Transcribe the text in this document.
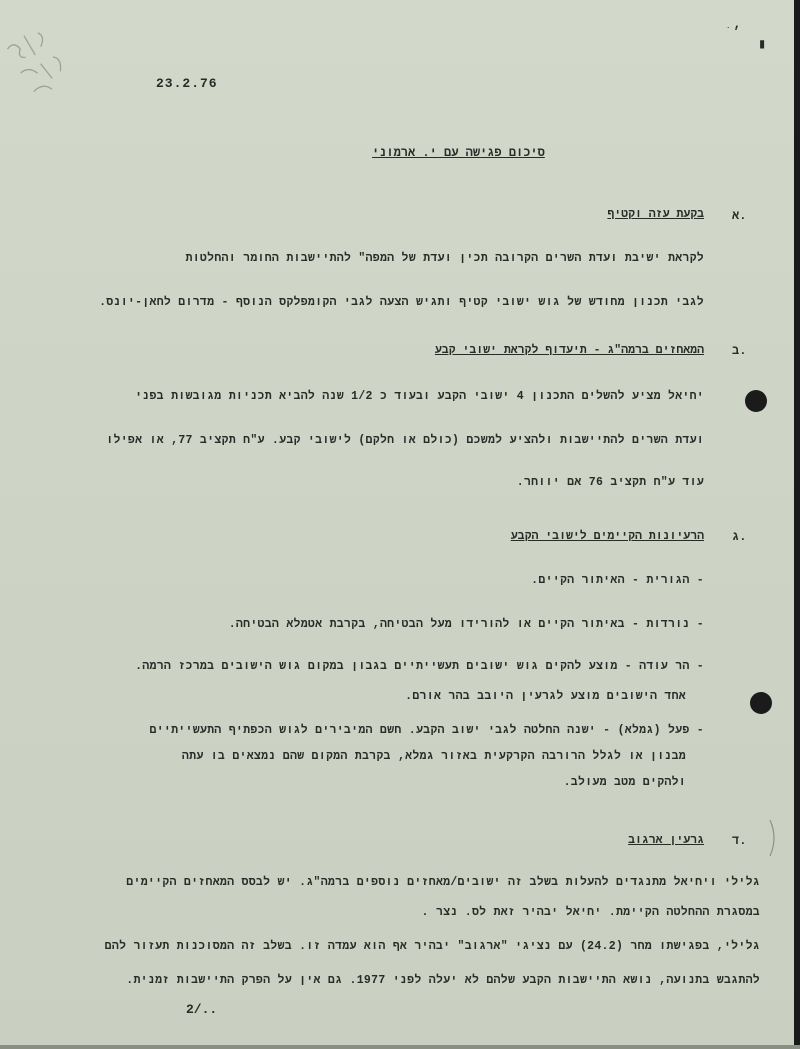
ׁ ׳
▮
23.2.76
סיכום פגישה עם י. ארמוני
א.
בקעת עזה וקטיף
לקראת ישיבת ועדת השרים הקרובה תכין ועדת של המפה" להתיישבות החומר והחלטות
לגבי תכנון מחודש של גוש ישובי קטיף ותגיש הצעה לגבי הקומפלקס הנוסף - מדרום לחאן-יונס.
ב.
המאחזים ברמה"ג - תיעדוף לקראת ישובי קבע
יחיאל מציע להשלים התכנון 4 ישובי הקבע ובעוד כ 1/2 שנה להביא תכניות מגובשות בפני
ועדת השרים להתיישבות ולהציע למשכם (כולם או חלקם) לישובי קבע. ע"ח תקציב 77, או אפילו
עוד ע"ח תקציב 76 אם יווחר.
ג.
הרעיונות הקיימים לישובי הקבע
- הגורית - האיתור הקיים.
- נורדות - באיתור הקיים או להורידו מעל הבטיחה, בקרבת אטמלא הבטיחה.
- הר עודה - מוצע להקים גוש ישובים תעשייתיים בגבון במקום גוש הישובים במרכז הרמה.
אחד הישובים מוצע לגרעין היובב בהר אורם.
- פעל (גמלא) - ישנה החלטה לגבי ישוב הקבע. חשם המיבירים לגוש הכפתיף התעשייתיים
מבנון או לגלל הרורבה הקרקעית באזור גמלא, בקרבת המקום שהם נמצאים בו עתה
ולהקים מטב מעולב.
ד.
גרעין ארגוב
גלילי ויחיאל מתנגדים להעלות בשלב זה ישובים/מאחזים נוספים ברמה"ג. יש לבסס המאחזים הקיימים
במסגרת ההחלטה הקיימת. יחיאל יבהיר זאת לס. נצר .
גלילי, בפגישתו מחר (24.2) עם נציגי "ארגוב" יבהיר אף הוא עמדה זו. בשלב זה המסוכנות תעזור להם
להתגבש בתנועה, נושא התיישבות הקבע שלהם לא יעלה לפני 1977. גם אין על הפרק התיישבות זמנית.
2/..
